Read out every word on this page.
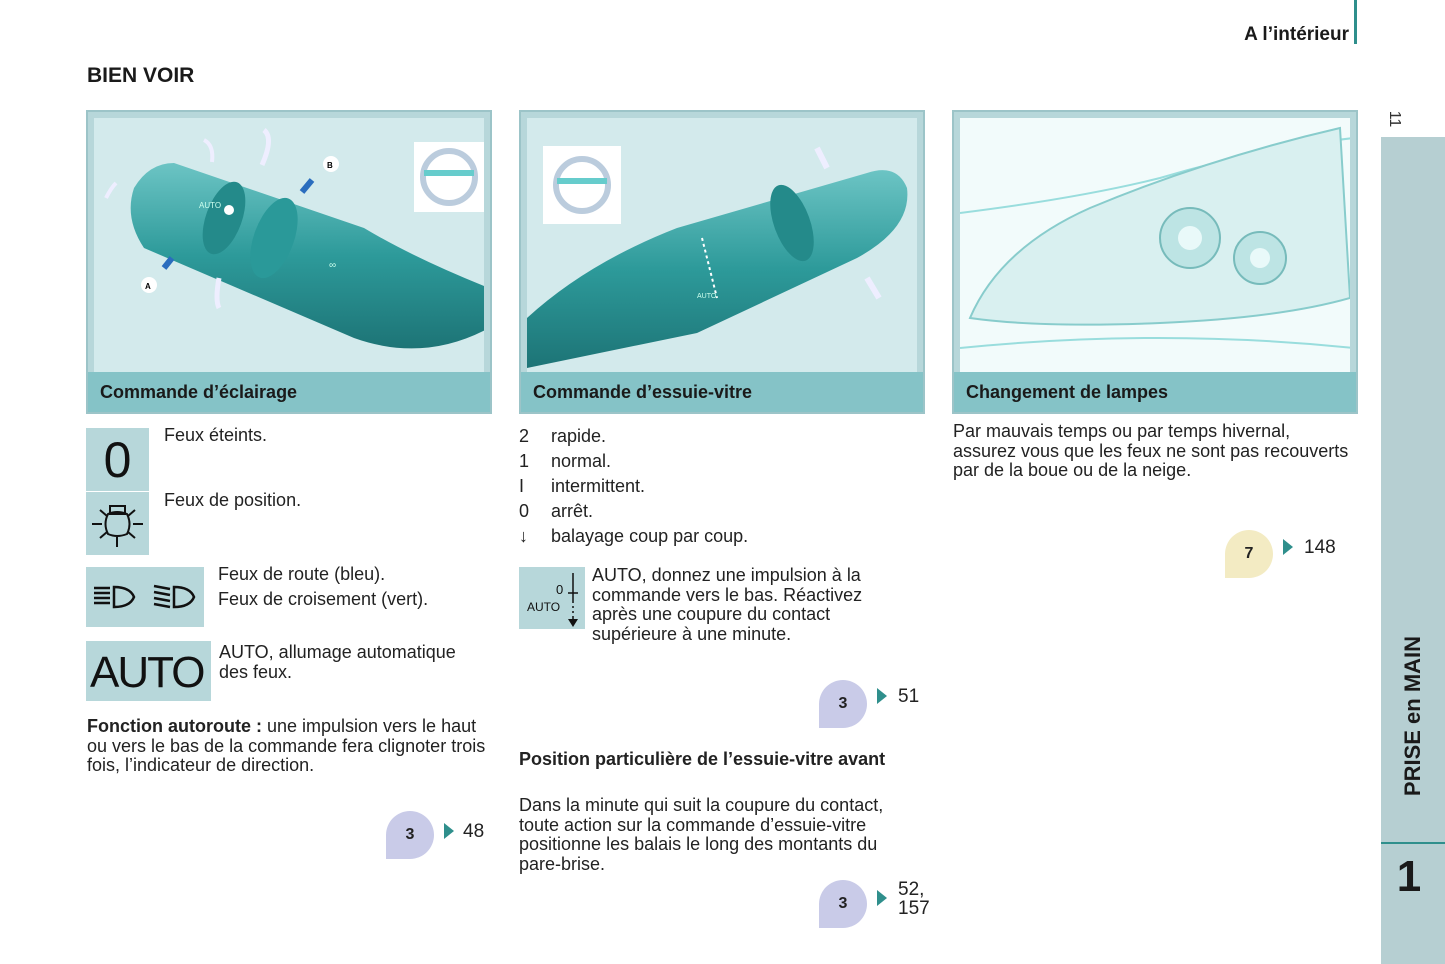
A l’intérieur
11
PRISE en MAIN
1
BIEN VOIR
AUTO
∞
B
A
Commande d’éclairage
AUTO
Commande d’essuie-vitre	Changement de lampes
0	Feux éteints.
Feux de position.
Feux de route (bleu).
Feux de croisement (vert).
AUTO AUTO, allumage automatique des feux.
Fonction autoroute : une impulsion vers le haut ou vers le bas de la commande fera clignoter trois fois, l’indicateur de direction.
3	48
2 rapide.
1 normal.
I intermittent.
0 arrêt.
↓ balayage coup par coup.
0
AUTO
AUTO, donnez une impulsion à la commande vers le bas. Réactivez après une coupure du contact supérieure à une minute.
3	51
Position particulière de l’essuie-vitre avant
Dans la minute qui suit la coupure du contact, toute action sur la commande d’essuie-vitre positionne les balais le long des montants du pare-brise.
3
52,
157
Par mauvais temps ou par temps hivernal, assurez vous que les feux ne sont pas recouverts par de la boue ou de la neige.
7	148
